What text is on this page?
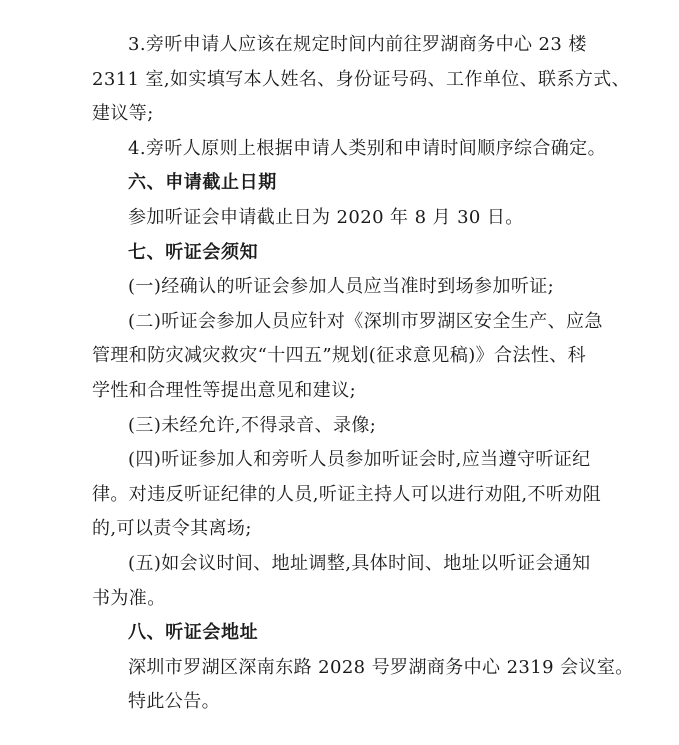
3.旁听申请人应该在规定时间内前往罗湖商务中心 23 楼
2311 室,如实填写本人姓名、身份证号码、工作单位、联系方式、
建议等;
4.旁听人原则上根据申请人类别和申请时间顺序综合确定。
六、申请截止日期
参加听证会申请截止日为 2020 年 8 月 30 日。
七、听证会须知
(一)经确认的听证会参加人员应当准时到场参加听证;
(二)听证会参加人员应针对《深圳市罗湖区安全生产、应急
管理和防灾减灾救灾“十四五”规划(征求意见稿)》合法性、科
学性和合理性等提出意见和建议;
(三)未经允许,不得录音、录像;
(四)听证参加人和旁听人员参加听证会时,应当遵守听证纪
律。对违反听证纪律的人员,听证主持人可以进行劝阻,不听劝阻
的,可以责令其离场;
(五)如会议时间、地址调整,具体时间、地址以听证会通知
书为准。
八、听证会地址
深圳市罗湖区深南东路 2028 号罗湖商务中心 2319 会议室。
特此公告。
